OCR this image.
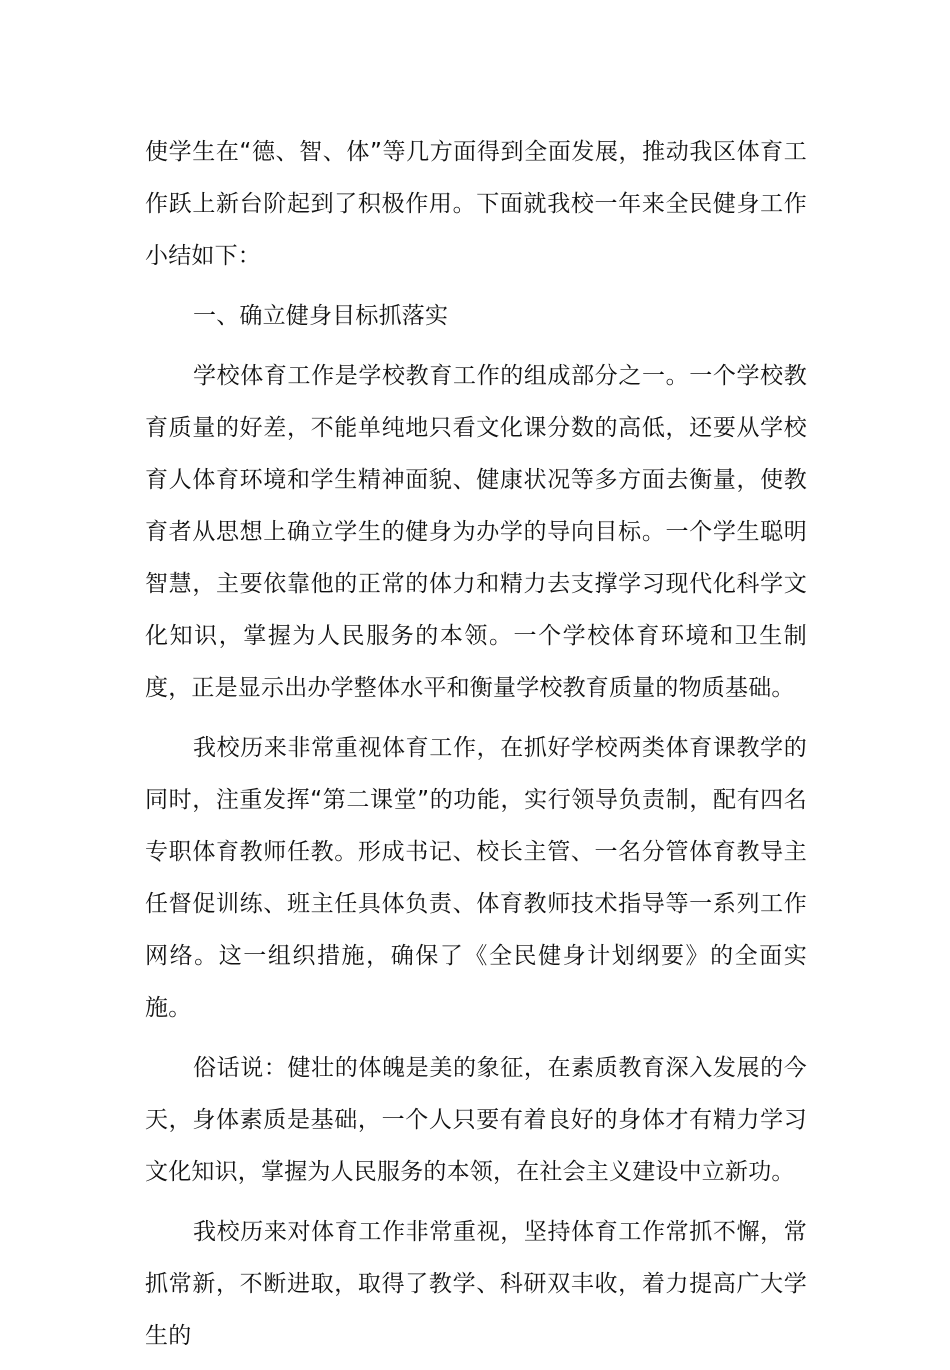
使学生在“德、智、体”等几方面得到全面发展，推动我区体育工作跃上新台阶起到了积极作用。下面就我校一年来全民健身工作小结如下：

一、确立健身目标抓落实

学校体育工作是学校教育工作的组成部分之一。一个学校教育质量的好差，不能单纯地只看文化课分数的高低，还要从学校育人体育环境和学生精神面貌、健康状况等多方面去衡量，使教育者从思想上确立学生的健身为办学的导向目标。一个学生聪明智慧，主要依靠他的正常的体力和精力去支撑学习现代化科学文化知识，掌握为人民服务的本领。一个学校体育环境和卫生制度，正是显示出办学整体水平和衡量学校教育质量的物质基础。

我校历来非常重视体育工作，在抓好学校两类体育课教学的同时，注重发挥“第二课堂”的功能，实行领导负责制，配有四名专职体育教师任教。形成书记、校长主管、一名分管体育教导主任督促训练、班主任具体负责、体育教师技术指导等一系列工作网络。这一组织措施，确保了《全民健身计划纲要》的全面实施。

俗话说：健壮的体魄是美的象征，在素质教育深入发展的今天，身体素质是基础，一个人只要有着良好的身体才有精力学习文化知识，掌握为人民服务的本领，在社会主义建设中立新功。

我校历来对体育工作非常重视，坚持体育工作常抓不懈，常抓常新，不断进取，取得了教学、科研双丰收，着力提高广大学生的
